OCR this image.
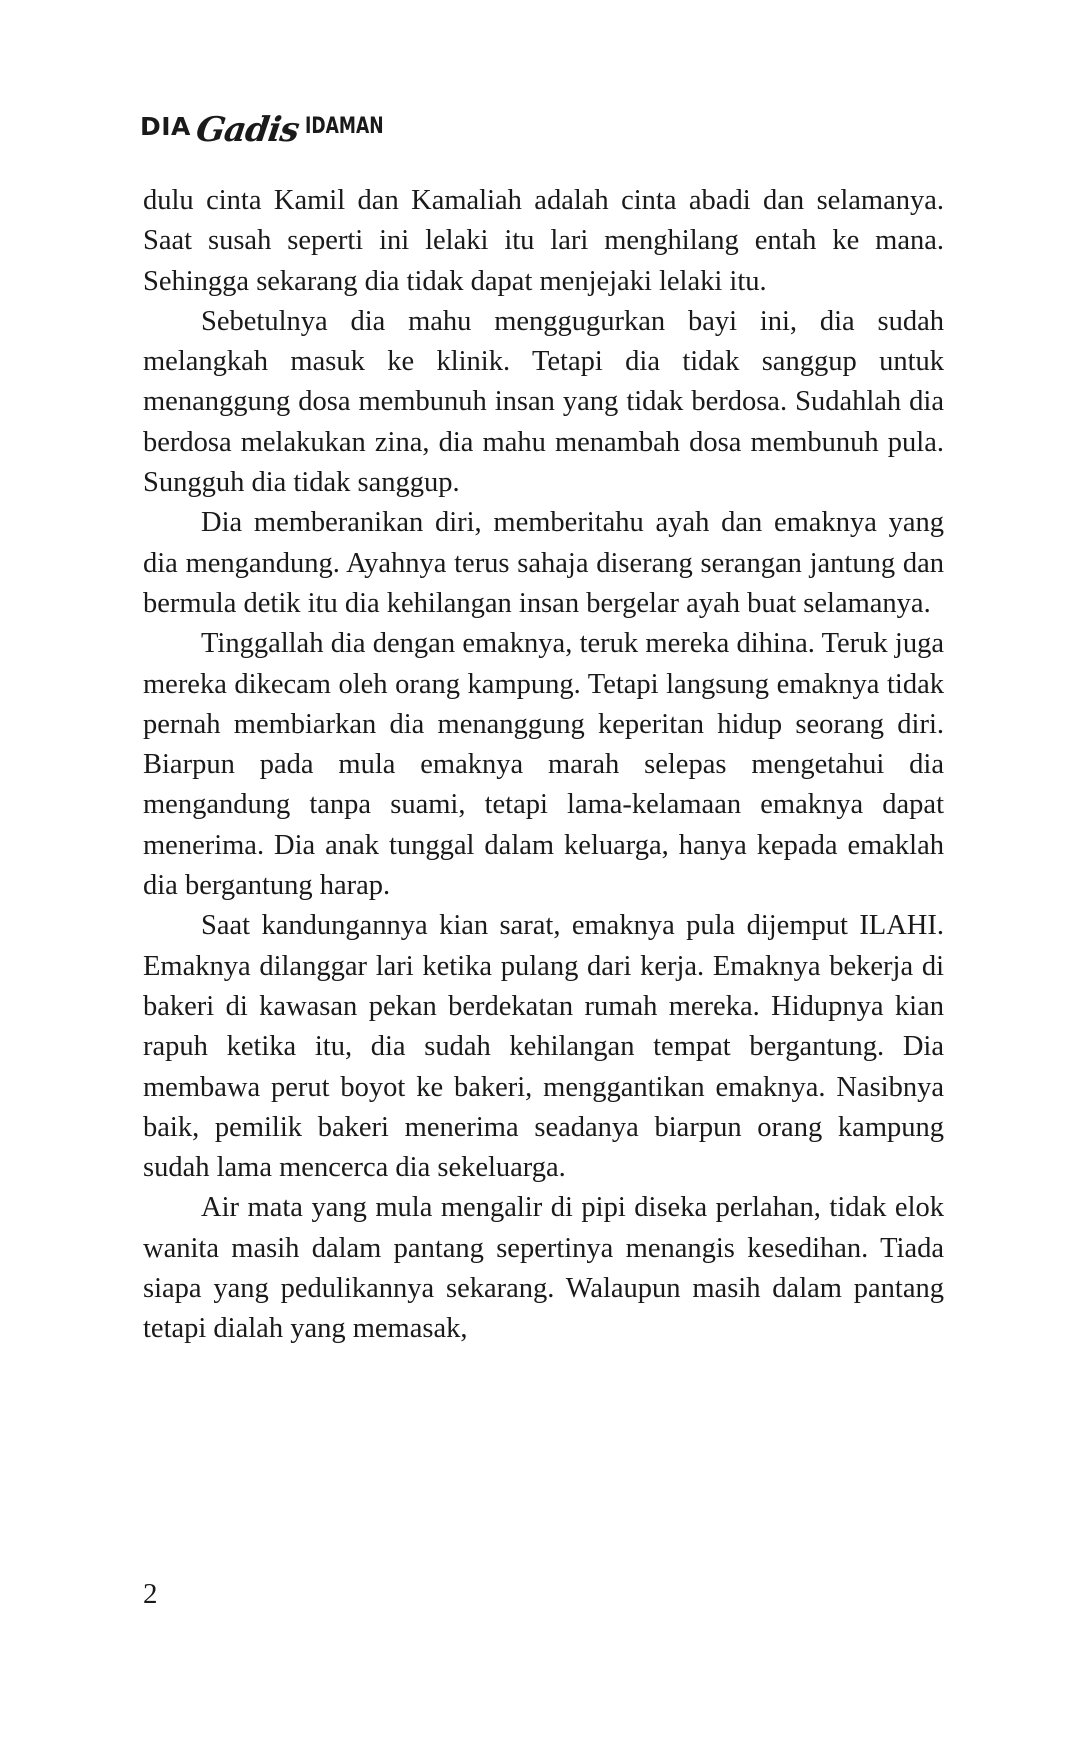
DIA Gadis IDAMAN

dulu cinta Kamil dan Kamaliah adalah cinta abadi dan selamanya. Saat susah seperti ini lelaki itu lari menghilang entah ke mana. Sehingga sekarang dia tidak dapat menjejaki lelaki itu.

Sebetulnya dia mahu menggugurkan bayi ini, dia sudah melangkah masuk ke klinik. Tetapi dia tidak sanggup untuk menanggung dosa membunuh insan yang tidak berdosa. Sudahlah dia berdosa melakukan zina, dia mahu menambah dosa membunuh pula. Sungguh dia tidak sanggup.

Dia memberanikan diri, memberitahu ayah dan emaknya yang dia mengandung. Ayahnya terus sahaja diserang serangan jantung dan bermula detik itu dia kehilangan insan bergelar ayah buat selamanya.

Tinggallah dia dengan emaknya, teruk mereka dihina. Teruk juga mereka dikecam oleh orang kampung. Tetapi langsung emaknya tidak pernah membiarkan dia menanggung keperitan hidup seorang diri. Biarpun pada mula emaknya marah selepas mengetahui dia mengandung tanpa suami, tetapi lama-kelamaan emaknya dapat menerima. Dia anak tunggal dalam keluarga, hanya kepada emaklah dia bergantung harap.

Saat kandungannya kian sarat, emaknya pula dijemput ILAHI. Emaknya dilanggar lari ketika pulang dari kerja. Emaknya bekerja di bakeri di kawasan pekan berdekatan rumah mereka. Hidupnya kian rapuh ketika itu, dia sudah kehilangan tempat bergantung. Dia membawa perut boyot ke bakeri, menggantikan emaknya. Nasibnya baik, pemilik bakeri menerima seadanya biarpun orang kampung sudah lama mencerca dia sekeluarga.

Air mata yang mula mengalir di pipi diseka perlahan, tidak elok wanita masih dalam pantang sepertinya menangis kesedihan. Tiada siapa yang pedulikannya sekarang. Walaupun masih dalam pantang tetapi dialah yang memasak,

2
